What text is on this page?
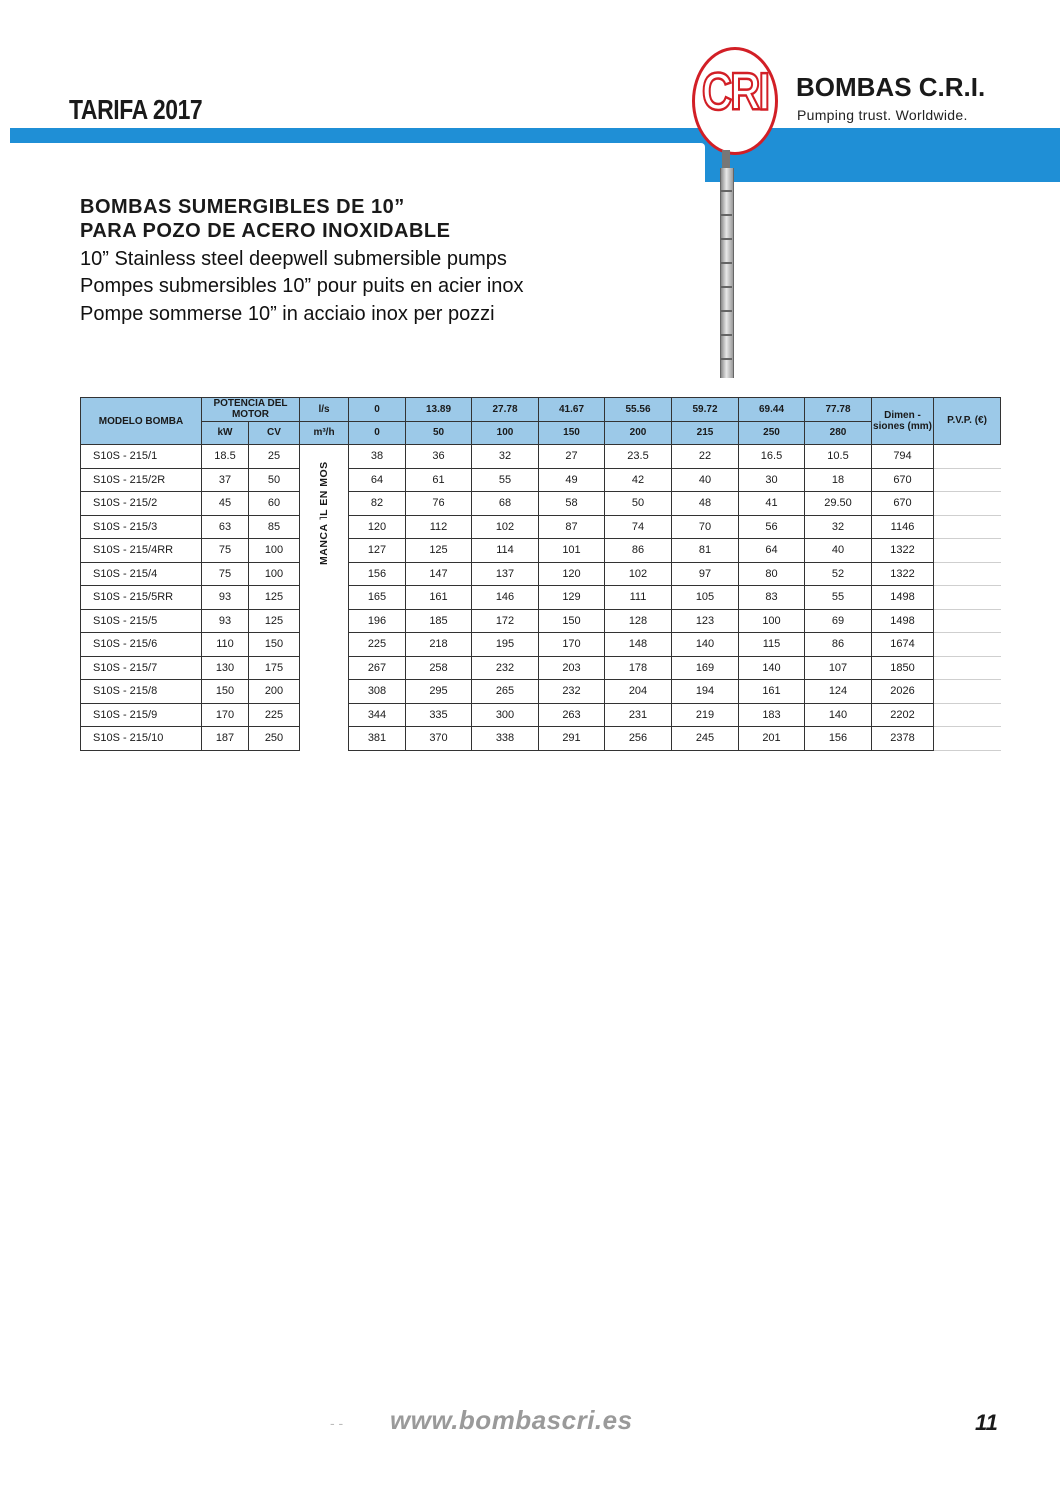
TARIFA 2017	CRI	BOMBAS C.R.I.
Pumping trust. Worldwide.
BOMBAS SUMERGIBLES DE 10”
PARA POZO DE ACERO INOXIDABLE
10” Stainless steel deepwell submersible pumps
Pompes submersibles 10” pour puits en acier inox
Pompe sommerse 10” in acciaio inox per pozzi
MODELO BOMBA	POTENCIA DEL MOTOR		l/s	0	13.89	27.78	41.67	55.56	59.72	69.44	77.78	Dimen -siones (mm)	P.V.P. (€)
	kW	CV	m³/h	0	50	100	150	200	215	250	280		
S10S - 215/1	18.5	25		38	36	32	27	23.5	22	16.5	10.5	794	
S10S - 215/2R	37	50		64	61	55	49	42	40	30	18	670	
S10S - 215/2	45	60		82	76	68	58	50	48	41	29.50	670	
S10S - 215/3	63	85		120	112	102	87	74	70	56	32	1146	
S10S - 215/4RR	75	100		127	125	114	101	86	81	64	40	1322	
S10S - 215/4	75	100		156	147	137	120	102	97	80	52	1322	
S10S - 215/5RR	93	125		165	161	146	129	111	105	83	55	1498	
S10S - 215/5	93	125		196	185	172	150	128	123	100	69	1498	
S10S - 215/6	110	150		225	218	195	170	148	140	115	86	1674	
S10S - 215/7	130	175		267	258	232	203	178	169	140	107	1850	
S10S - 215/8	150	200		308	295	265	232	204	194	161	124	2026	
S10S - 215/9	170	225		344	335	300	263	231	219	183	140	2202	
S10S - 215/10	187	250		381	370	338	291	256	245	201	156	2378	
MANCA ˥L EN MOS
- - www.bombascri.es	11
